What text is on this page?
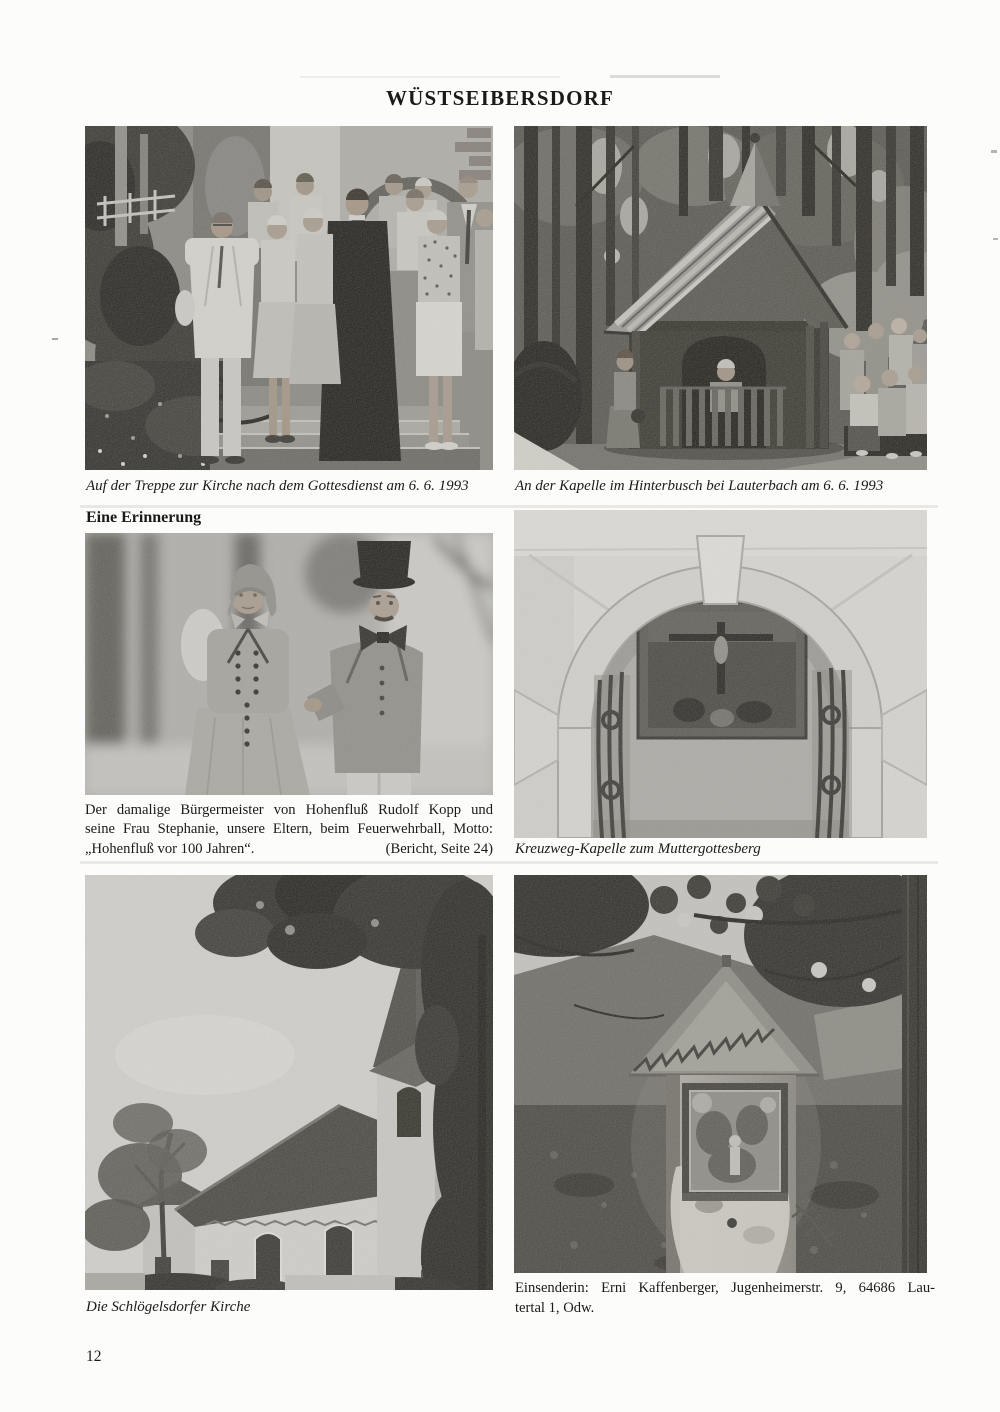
WÜSTSEIBERSDORF
Auf der Treppe zur Kirche nach dem Gottesdienst am 6. 6. 1993	An der Kapelle im Hinterbusch bei Lauterbach am 6. 6. 1993
Eine Erinnerung
Der damalige Bürgermeister von Hohenfluß Rudolf Kopp und
seine Frau Stephanie, unsere Eltern, beim Feuerwehrball, Motto:
„Hohenfluß vor 100 Jahren“.	(Bericht, Seite 24) Kreuzweg-Kapelle zum Muttergottesberg
Die Schlögelsdorfer Kirche
Einsenderin: Erni Kaffenberger, Jugenheimerstr. 9, 64686 Lau-
tertal 1, Odw.
12
